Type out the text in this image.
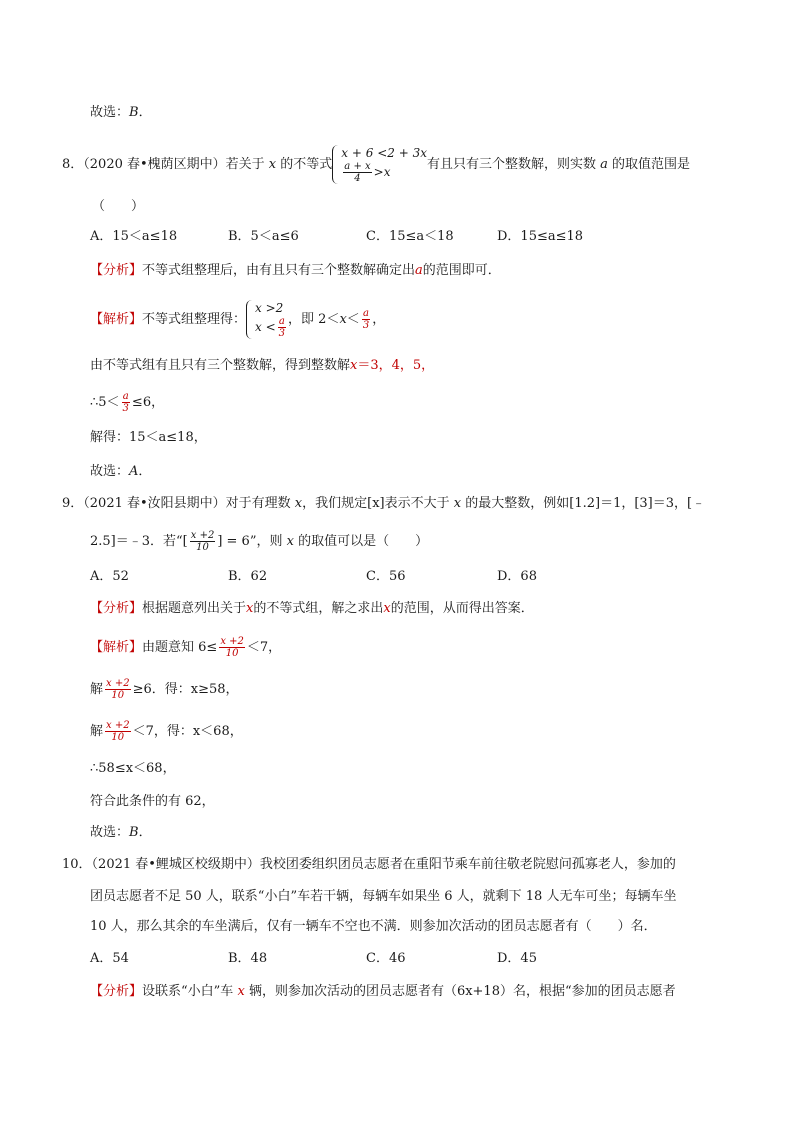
故选：B．
8．（2020 春•槐荫区期中）若关于 x 的不等式
x + 6 <2 + 3x
$\frac{a + x}{4} >x$	有且只有三个整数解，则实数 a 的取值范围是
（　　）
A．15＜a≤18	B．5＜a≤6	C．15≤a＜18	D．15≤a≤18
【分析】不等式组整理后，由有且只有三个整数解确定出a的范围即可．
【解析】不等式组整理得：
x >2
$x < \frac{a}{3}$ ，即 $2<x< \frac{a}{3}$ ，
由不等式组有且只有三个整数解，得到整数解x＝3，4，5，
∴5＜ $\frac{a}{3} \le 6$，
解得：15＜a≤18，
故选：A．
9．（2021 春•汝阳县期中）对于有理数 x，我们规定[x]表示不大于 x 的最大整数，例如[1.2]＝1，[3]＝3，[﹣
2.5]＝﹣3．若“[ $\frac{x +2}{10}$ ] = 6”，则 x 的取值可以是（　　）
A．52	B．62	C．56	D．68
【分析】根据题意列出关于x的不等式组，解之求出x的范围，从而得出答案．
【解析】由题意知 $6\le \frac{x +2}{10} <7$，
解 $\frac{x +2}{10} \ge 6$．得：x≥58，
解 $\frac{x +2}{10} <7$，得：x＜68，
∴58≤x＜68，
符合此条件的有 62，
故选：B．
10．（2021 春•鲤城区校级期中）我校团委组织团员志愿者在重阳节乘车前往敬老院慰问孤寡老人，参加的
团员志愿者不足 50 人，联系“小白”车若干辆，每辆车如果坐 6 人，就剩下 18 人无车可坐；每辆车坐
10 人，那么其余的车坐满后，仅有一辆车不空也不满．则参加次活动的团员志愿者有（　　）名．
A．54	B．48	C．46	D．45
【分析】设联系“小白”车 x 辆，则参加次活动的团员志愿者有（6x+18）名，根据“参加的团员志愿者
